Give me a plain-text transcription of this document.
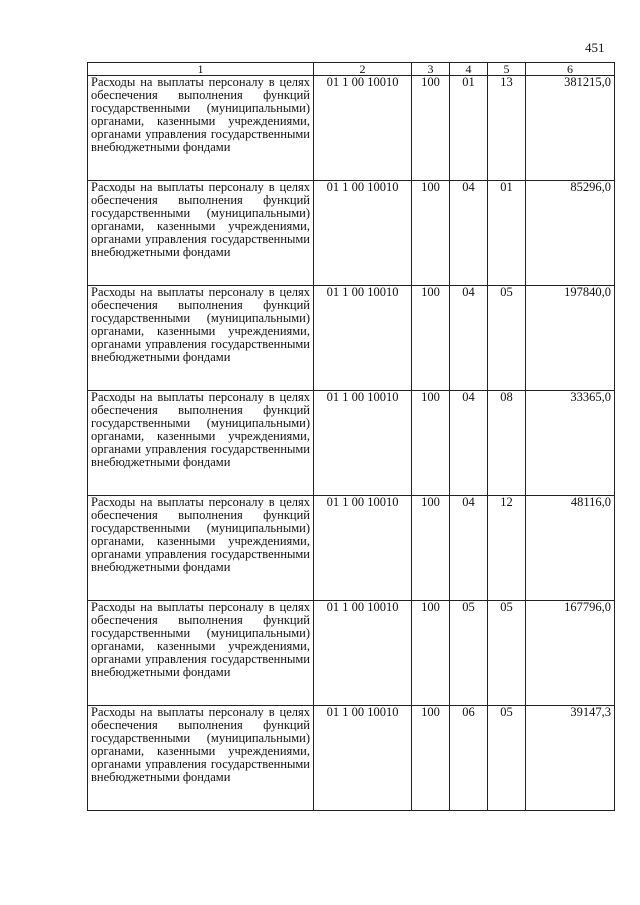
451
1	2	3	4	5	6

Расходы на выплаты персоналу в целях обеспечения выполнения функций государственными (муниципальными) органами, казенными учреждениями, органами управления государственными внебюджетными фондами	01 1 00 10010	100	01	13	381215,0

Расходы на выплаты персоналу в целях обеспечения выполнения функций государственными (муниципальными) органами, казенными учреждениями, органами управления государственными внебюджетными фондами	01 1 00 10010	100	04	01	85296,0

Расходы на выплаты персоналу в целях обеспечения выполнения функций государственными (муниципальными) органами, казенными учреждениями, органами управления государственными внебюджетными фондами	01 1 00 10010	100	04	05	197840,0

Расходы на выплаты персоналу в целях обеспечения выполнения функций государственными (муниципальными) органами, казенными учреждениями, органами управления государственными внебюджетными фондами	01 1 00 10010	100	04	08	33365,0

Расходы на выплаты персоналу в целях обеспечения выполнения функций государственными (муниципальными) органами, казенными учреждениями, органами управления государственными внебюджетными фондами	01 1 00 10010	100	04	12	48116,0

Расходы на выплаты персоналу в целях обеспечения выполнения функций государственными (муниципальными) органами, казенными учреждениями, органами управления государственными внебюджетными фондами	01 1 00 10010	100	05	05	167796,0

Расходы на выплаты персоналу в целях обеспечения выполнения функций государственными (муниципальными) органами, казенными учреждениями, органами управления государственными внебюджетными фондами	01 1 00 10010	100	06	05	39147,3
